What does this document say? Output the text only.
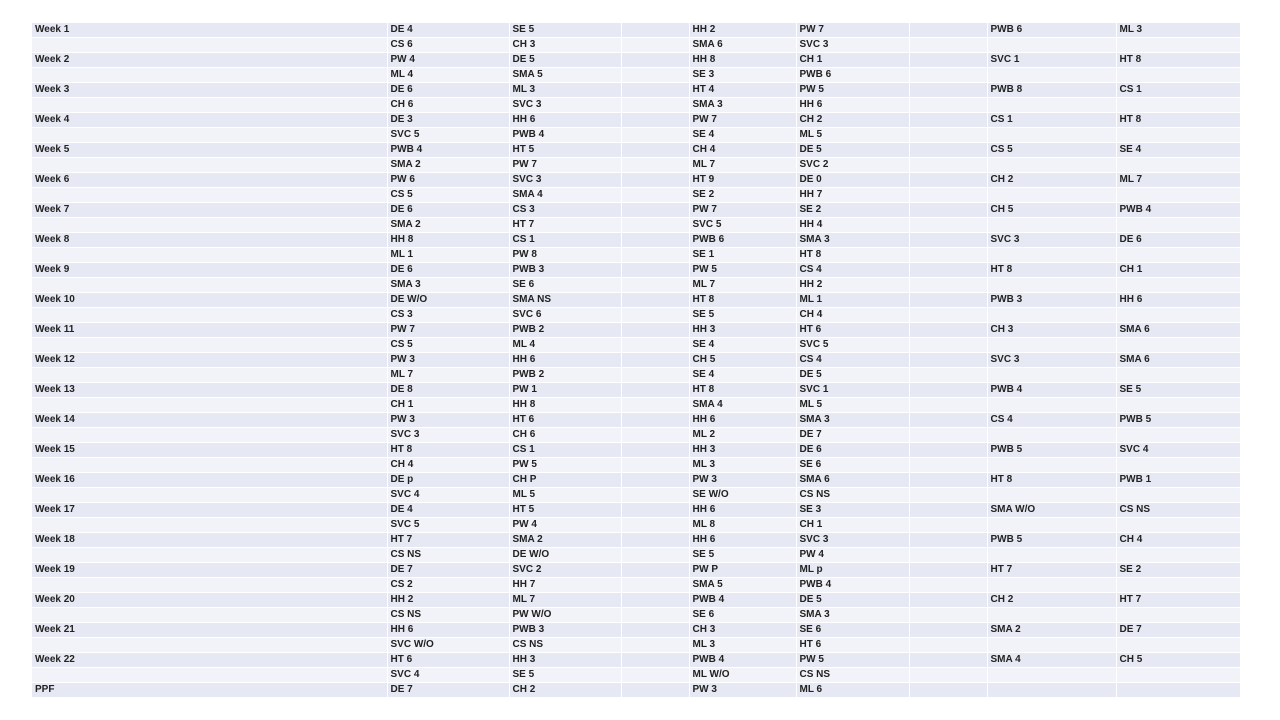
Week 1	DE 4	SE 5		HH 2	PW 7		PWB 6	ML 3
	CS 6	CH 3		SMA 6	SVC 3			
Week 2	PW 4	DE 5		HH 8	CH 1		SVC 1	HT 8
	ML 4	SMA 5		SE 3	PWB 6			
Week 3	DE 6	ML 3		HT 4	PW 5		PWB 8	CS 1
	CH 6	SVC 3		SMA 3	HH 6			
Week 4	DE 3	HH 6		PW 7	CH 2		CS 1	HT 8
	SVC 5	PWB 4		SE 4	ML 5			
Week 5	PWB 4	HT 5		CH 4	DE 5		CS 5	SE 4
	SMA 2	PW 7		ML 7	SVC 2			
Week 6	PW 6	SVC 3		HT 9	DE 0		CH 2	ML 7
	CS 5	SMA 4		SE 2	HH 7			
Week 7	DE 6	CS 3		PW 7	SE 2		CH 5	PWB 4
	SMA 2	HT 7		SVC 5	HH 4			
Week 8	HH 8	CS 1		PWB 6	SMA 3		SVC 3	DE 6
	ML 1	PW 8		SE 1	HT 8			
Week 9	DE 6	PWB 3		PW 5	CS 4		HT 8	CH 1
	SMA 3	SE 6		ML 7	HH 2			
Week 10	DE W/O	SMA NS		HT 8	ML 1		PWB 3	HH 6
	CS 3	SVC 6		SE 5	CH 4			
Week 11	PW 7	PWB 2		HH 3	HT 6		CH 3	SMA 6
	CS 5	ML 4		SE 4	SVC 5			
Week 12	PW 3	HH 6		CH 5	CS 4		SVC 3	SMA 6
	ML 7	PWB 2		SE 4	DE 5			
Week 13	DE 8	PW 1		HT 8	SVC 1		PWB 4	SE 5
	CH 1	HH 8		SMA 4	ML 5			
Week 14	PW 3	HT 6		HH 6	SMA 3		CS 4	PWB 5
	SVC 3	CH 6		ML 2	DE 7			
Week 15	HT 8	CS 1		HH 3	DE 6		PWB 5	SVC 4
	CH 4	PW 5		ML 3	SE 6			
Week 16	DE p	CH P		PW 3	SMA 6		HT 8	PWB 1
	SVC 4	ML 5		SE W/O	CS NS			
Week 17	DE 4	HT 5		HH 6	SE 3		SMA W/O	CS NS
	SVC 5	PW 4		ML 8	CH 1			
Week 18	HT 7	SMA 2		HH 6	SVC 3		PWB 5	CH 4
	CS NS	DE W/O		SE 5	PW 4			
Week 19	DE 7	SVC 2		PW P	ML p		HT 7	SE 2
	CS 2	HH 7		SMA 5	PWB 4			
Week 20	HH 2	ML 7		PWB 4	DE 5		CH 2	HT 7
	CS NS	PW W/O		SE 6	SMA 3			
Week 21	HH 6	PWB 3		CH 3	SE 6		SMA 2	DE 7
	SVC W/O	CS NS		ML 3	HT 6			
Week 22	HT 6	HH 3		PWB 4	PW 5		SMA 4	CH 5
	SVC 4	SE 5		ML W/O	CS NS			
PPF	DE 7	CH 2		PW 3	ML 6			
